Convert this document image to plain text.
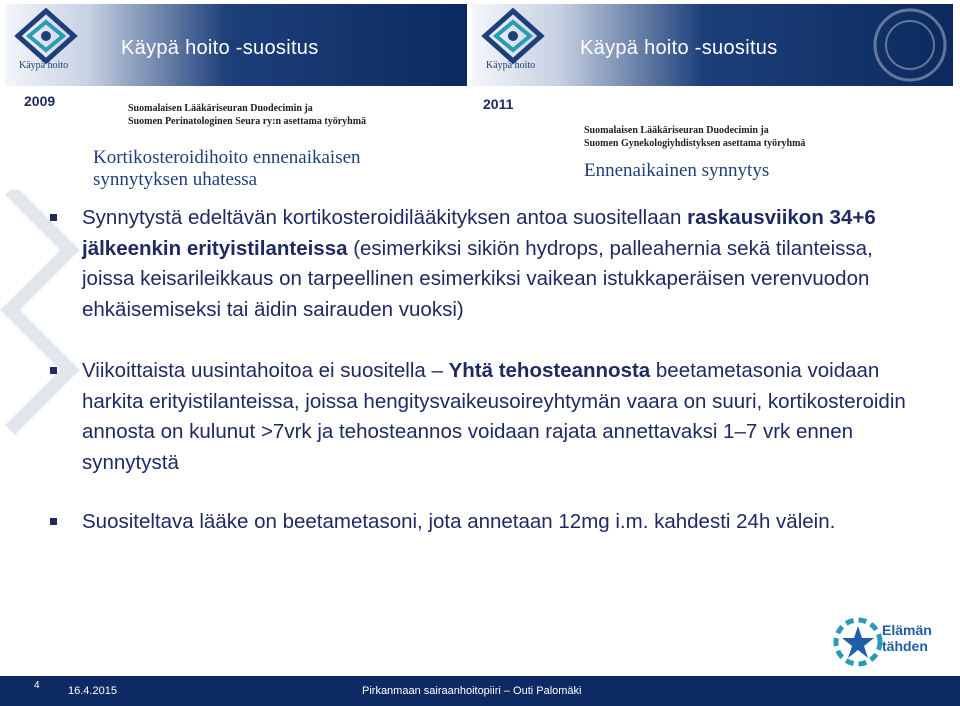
Käypä hoito
Käypä hoito -suositus
Käypä hoito
Käypä hoito -suositus
2009	Suomalaisen Lääkäriseuran Duodecimin ja
Suomen Perinatologinen Seura ry:n asettama työryhmä
Kortikosteroidihoito ennenaikaisen
synnytyksen uhatessa
2011
Suomalaisen Lääkäriseuran Duodecimin ja
Suomen Gynekologiyhdistyksen asettama työryhmä
Ennenaikainen synnytys
Synnytystä edeltävän kortikosteroidilääkityksen antoa suositellaan raskausviikon 34+6 jälkeenkin erityistilanteissa (esimerkiksi sikiön hydrops, palleahernia sekä tilanteissa, joissa keisarileikkaus on tarpeellinen esimerkiksi vaikean istukkaperäisen verenvuodon ehkäisemiseksi tai äidin sairauden vuoksi)
Viikoittaista uusintahoitoa ei suositella – Yhtä tehosteannosta beetametasonia voidaan harkita erityistilanteissa, joissa hengitysvaikeusoireyhtymän vaara on suuri, kortikosteroidin annosta on kulunut >7vrk ja tehosteannos voidaan rajata annettavaksi 1–7 vrk ennen synnytystä
Suositeltava lääke on beetametasoni, jota annetaan 12mg i.m. kahdesti 24h välein.
Elämän
tähden
4	16.4.2015	Pirkanmaan sairaanhoitopiiri – Outi Palomäki
